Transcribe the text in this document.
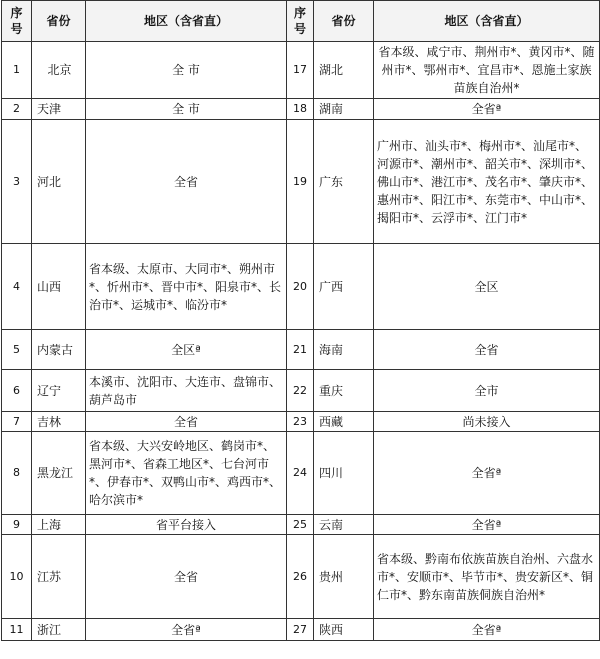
序号	省份	地区（含省直）	序号	省份	地区（含省直）
1	北京	全 市	17	湖北	省本级、咸宁市、荆州市*、黄冈市*、随州市*、鄂州市*、宜昌市*、恩施土家族苗族自治州*
2	天津	全 市	18	湖南	全省ª
3	河北	全省	19	广东	广州市、汕头市*、梅州市*、汕尾市*、河源市*、潮州市*、韶关市*、深圳市*、佛山市*、港江市*、茂名市*、肇庆市*、惠州市*、阳江市*、东莞市*、中山市*、揭阳市*、云浮市*、江门市*
4	山西	省本级、太原市、大同市*、朔州市*、忻州市*、晋中市*、阳泉市*、长治市*、运城市*、临汾市*	20	广西	全区
5	内蒙古	全区ª	21	海南	全省
6	辽宁	本溪市、沈阳市、大连市、盘锦市、葫芦岛市	22	重庆	全市
7	吉林	全省	23	西藏	尚未接入
8	黑龙江	省本级、大兴安岭地区、鹤岗市*、黑河市*、省森工地区*、七台河市*、伊春市*、双鸭山市*、鸡西市*、哈尔滨市*	24	四川	全省ª
9	上海	省平台接入	25	云南	全省ª
10	江苏	全省	26	贵州	省本级、黔南布依族苗族自治州、六盘水市*、安顺市*、毕节市*、贵安新区*、铜仁市*、黔东南苗族侗族自治州*
11	浙江	全省ª	27	陕西	全省ª
